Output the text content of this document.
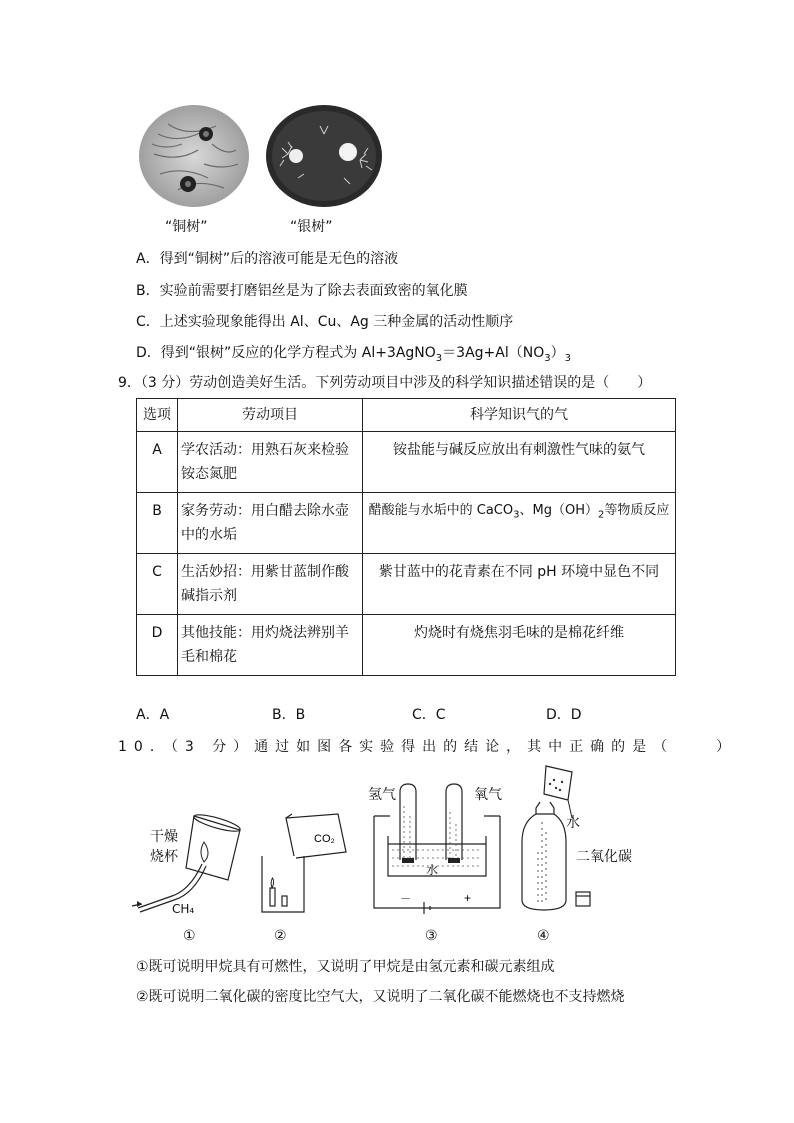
“铜树”	“银树”
A．得到“铜树”后的溶液可能是无色的溶液
B．实验前需要打磨铝丝是为了除去表面致密的氧化膜
C．上述实验现象能得出 Al、Cu、Ag 三种金属的活动性顺序
D．得到“银树”反应的化学方程式为 $Al+3AgNO_3=3Ag+Al(NO_3)_3$
9．（3 分）劳动创造美好生活。下列劳动项目中涉及的科学知识描述错误的是（　　）
选项	劳动项目	科学知识气的气
A	学农活动：用熟石灰来检验铵态氮肥	铵盐能与碱反应放出有刺激性气味的氨气
B	家务劳动：用白醋去除水壶中的水垢	醋酸能与水垢中的 CaCO$_3$、$Mg(OH)_2$等物质反应
C	生活妙招：用紫甘蓝制作酸碱指示剂	紫甘蓝中的花青素在不同 pH 环境中显色不同
D	其他技能：用灼烧法辨别羊毛和棉花	灼烧时有烧焦羽毛味的是棉花纤维
A．A	B．B	C．C	D．D
10．（3 分）通过如图各实验得出的结论，其中正确的是（　　）
干燥
烧杯
CH₄
①
CO₂
②
氢气	氧气
水
－	+
③
水
二氧化碳
④
①既可说明甲烷具有可燃性，又说明了甲烷是由氢元素和碳元素组成
②既可说明二氧化碳的密度比空气大，又说明了二氧化碳不能燃烧也不支持燃烧
